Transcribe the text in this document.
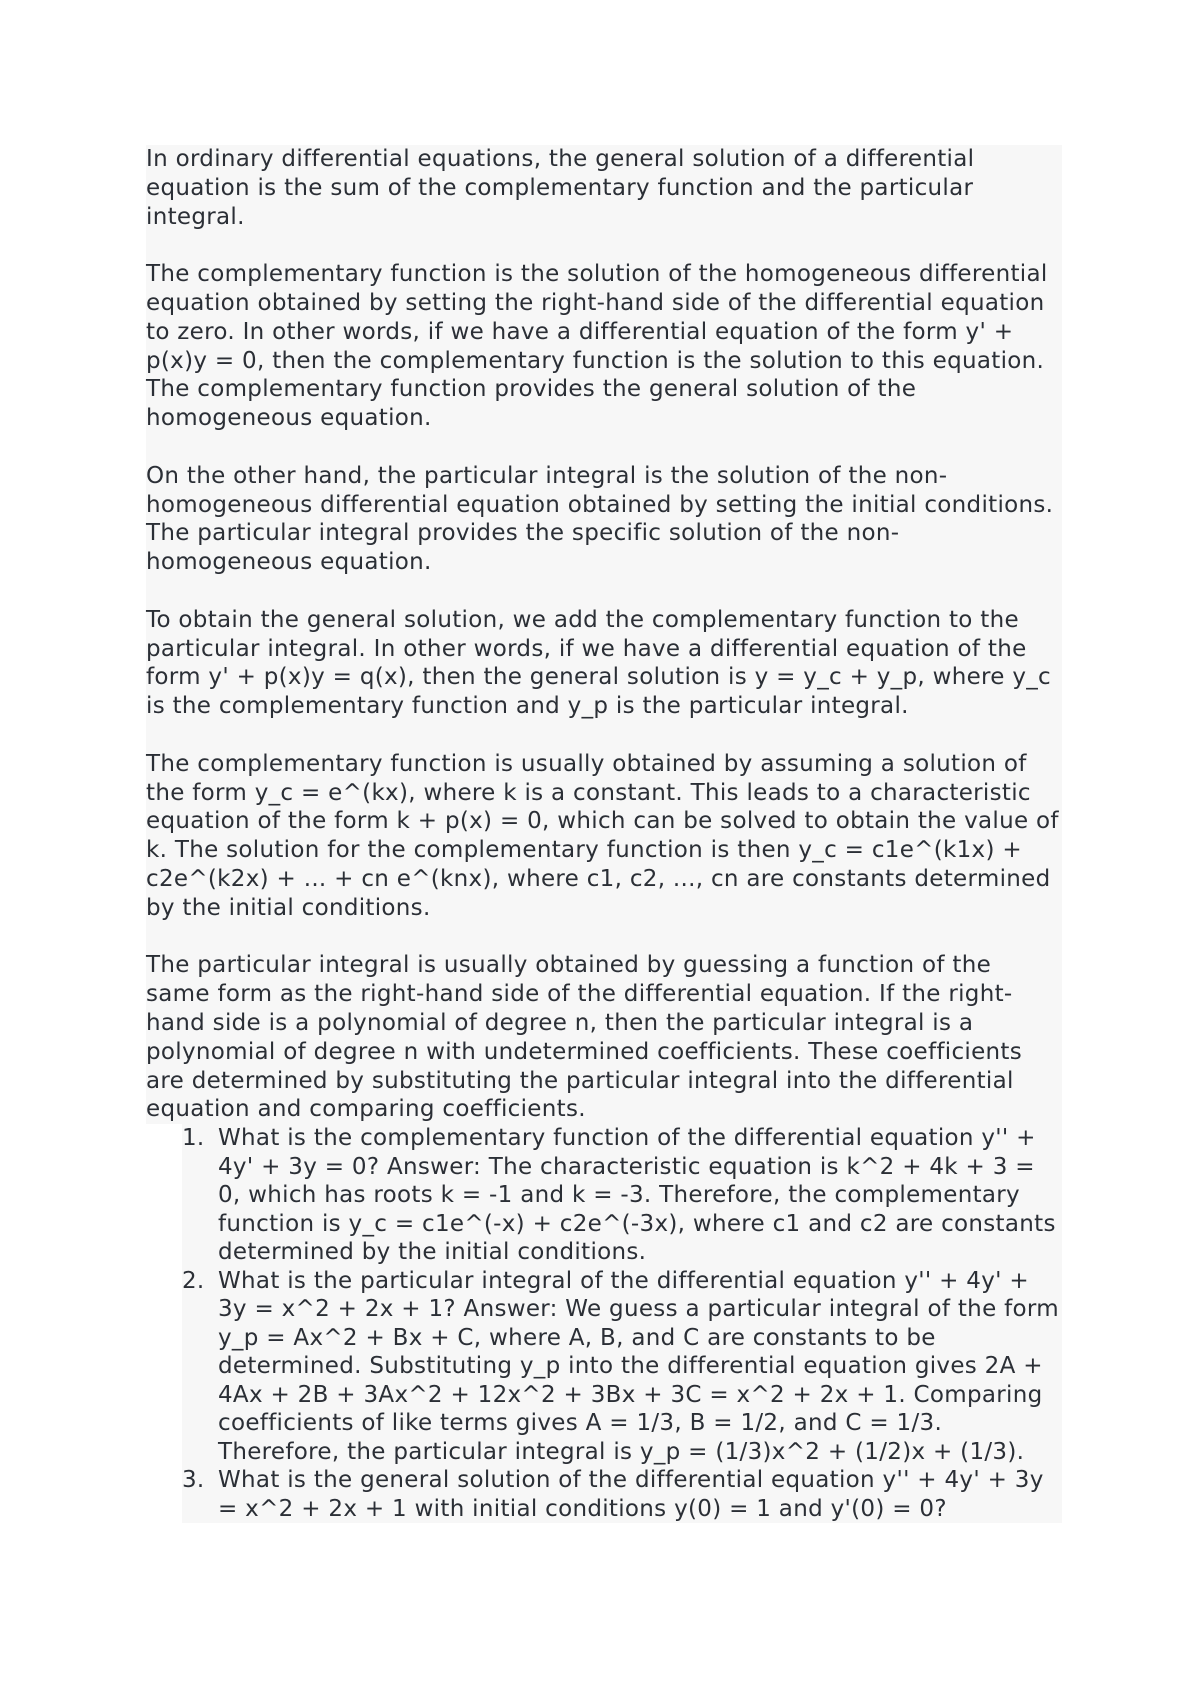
In ordinary differential equations, the general solution of a differential equation is the sum of the complementary function and the particular integral.

The complementary function is the solution of the homogeneous differential equation obtained by setting the right-hand side of the differential equation to zero. In other words, if we have a differential equation of the form y' + p(x)y = 0, then the complementary function is the solution to this equation. The complementary function provides the general solution of the homogeneous equation.

On the other hand, the particular integral is the solution of the non-homogeneous differential equation obtained by setting the initial conditions. The particular integral provides the specific solution of the non-homogeneous equation.

To obtain the general solution, we add the complementary function to the particular integral. In other words, if we have a differential equation of the form y' + p(x)y = q(x), then the general solution is y = y_c + y_p, where y_c is the complementary function and y_p is the particular integral.

The complementary function is usually obtained by assuming a solution of the form y_c = e^(kx), where k is a constant. This leads to a characteristic equation of the form k + p(x) = 0, which can be solved to obtain the value of k. The solution for the complementary function is then y_c = c1e^(k1x) + c2e^(k2x) + ... + cn e^(knx), where c1, c2, ..., cn are constants determined by the initial conditions.

The particular integral is usually obtained by guessing a function of the same form as the right-hand side of the differential equation. If the right-hand side is a polynomial of degree n, then the particular integral is a polynomial of degree n with undetermined coefficients. These coefficients are determined by substituting the particular integral into the differential equation and comparing coefficients.

1. What is the complementary function of the differential equation y'' + 4y' + 3y = 0? Answer: The characteristic equation is k^2 + 4k + 3 = 0, which has roots k = -1 and k = -3. Therefore, the complementary function is y_c = c1e^(-x) + c2e^(-3x), where c1 and c2 are constants determined by the initial conditions.
2. What is the particular integral of the differential equation y'' + 4y' + 3y = x^2 + 2x + 1? Answer: We guess a particular integral of the form y_p = Ax^2 + Bx + C, where A, B, and C are constants to be determined. Substituting y_p into the differential equation gives 2A + 4Ax + 2B + 3Ax^2 + 12x^2 + 3Bx + 3C = x^2 + 2x + 1. Comparing coefficients of like terms gives A = 1/3, B = 1/2, and C = 1/3. Therefore, the particular integral is y_p = (1/3)x^2 + (1/2)x + (1/3).
3. What is the general solution of the differential equation y'' + 4y' + 3y = x^2 + 2x + 1 with initial conditions y(0) = 1 and y'(0) = 0?
